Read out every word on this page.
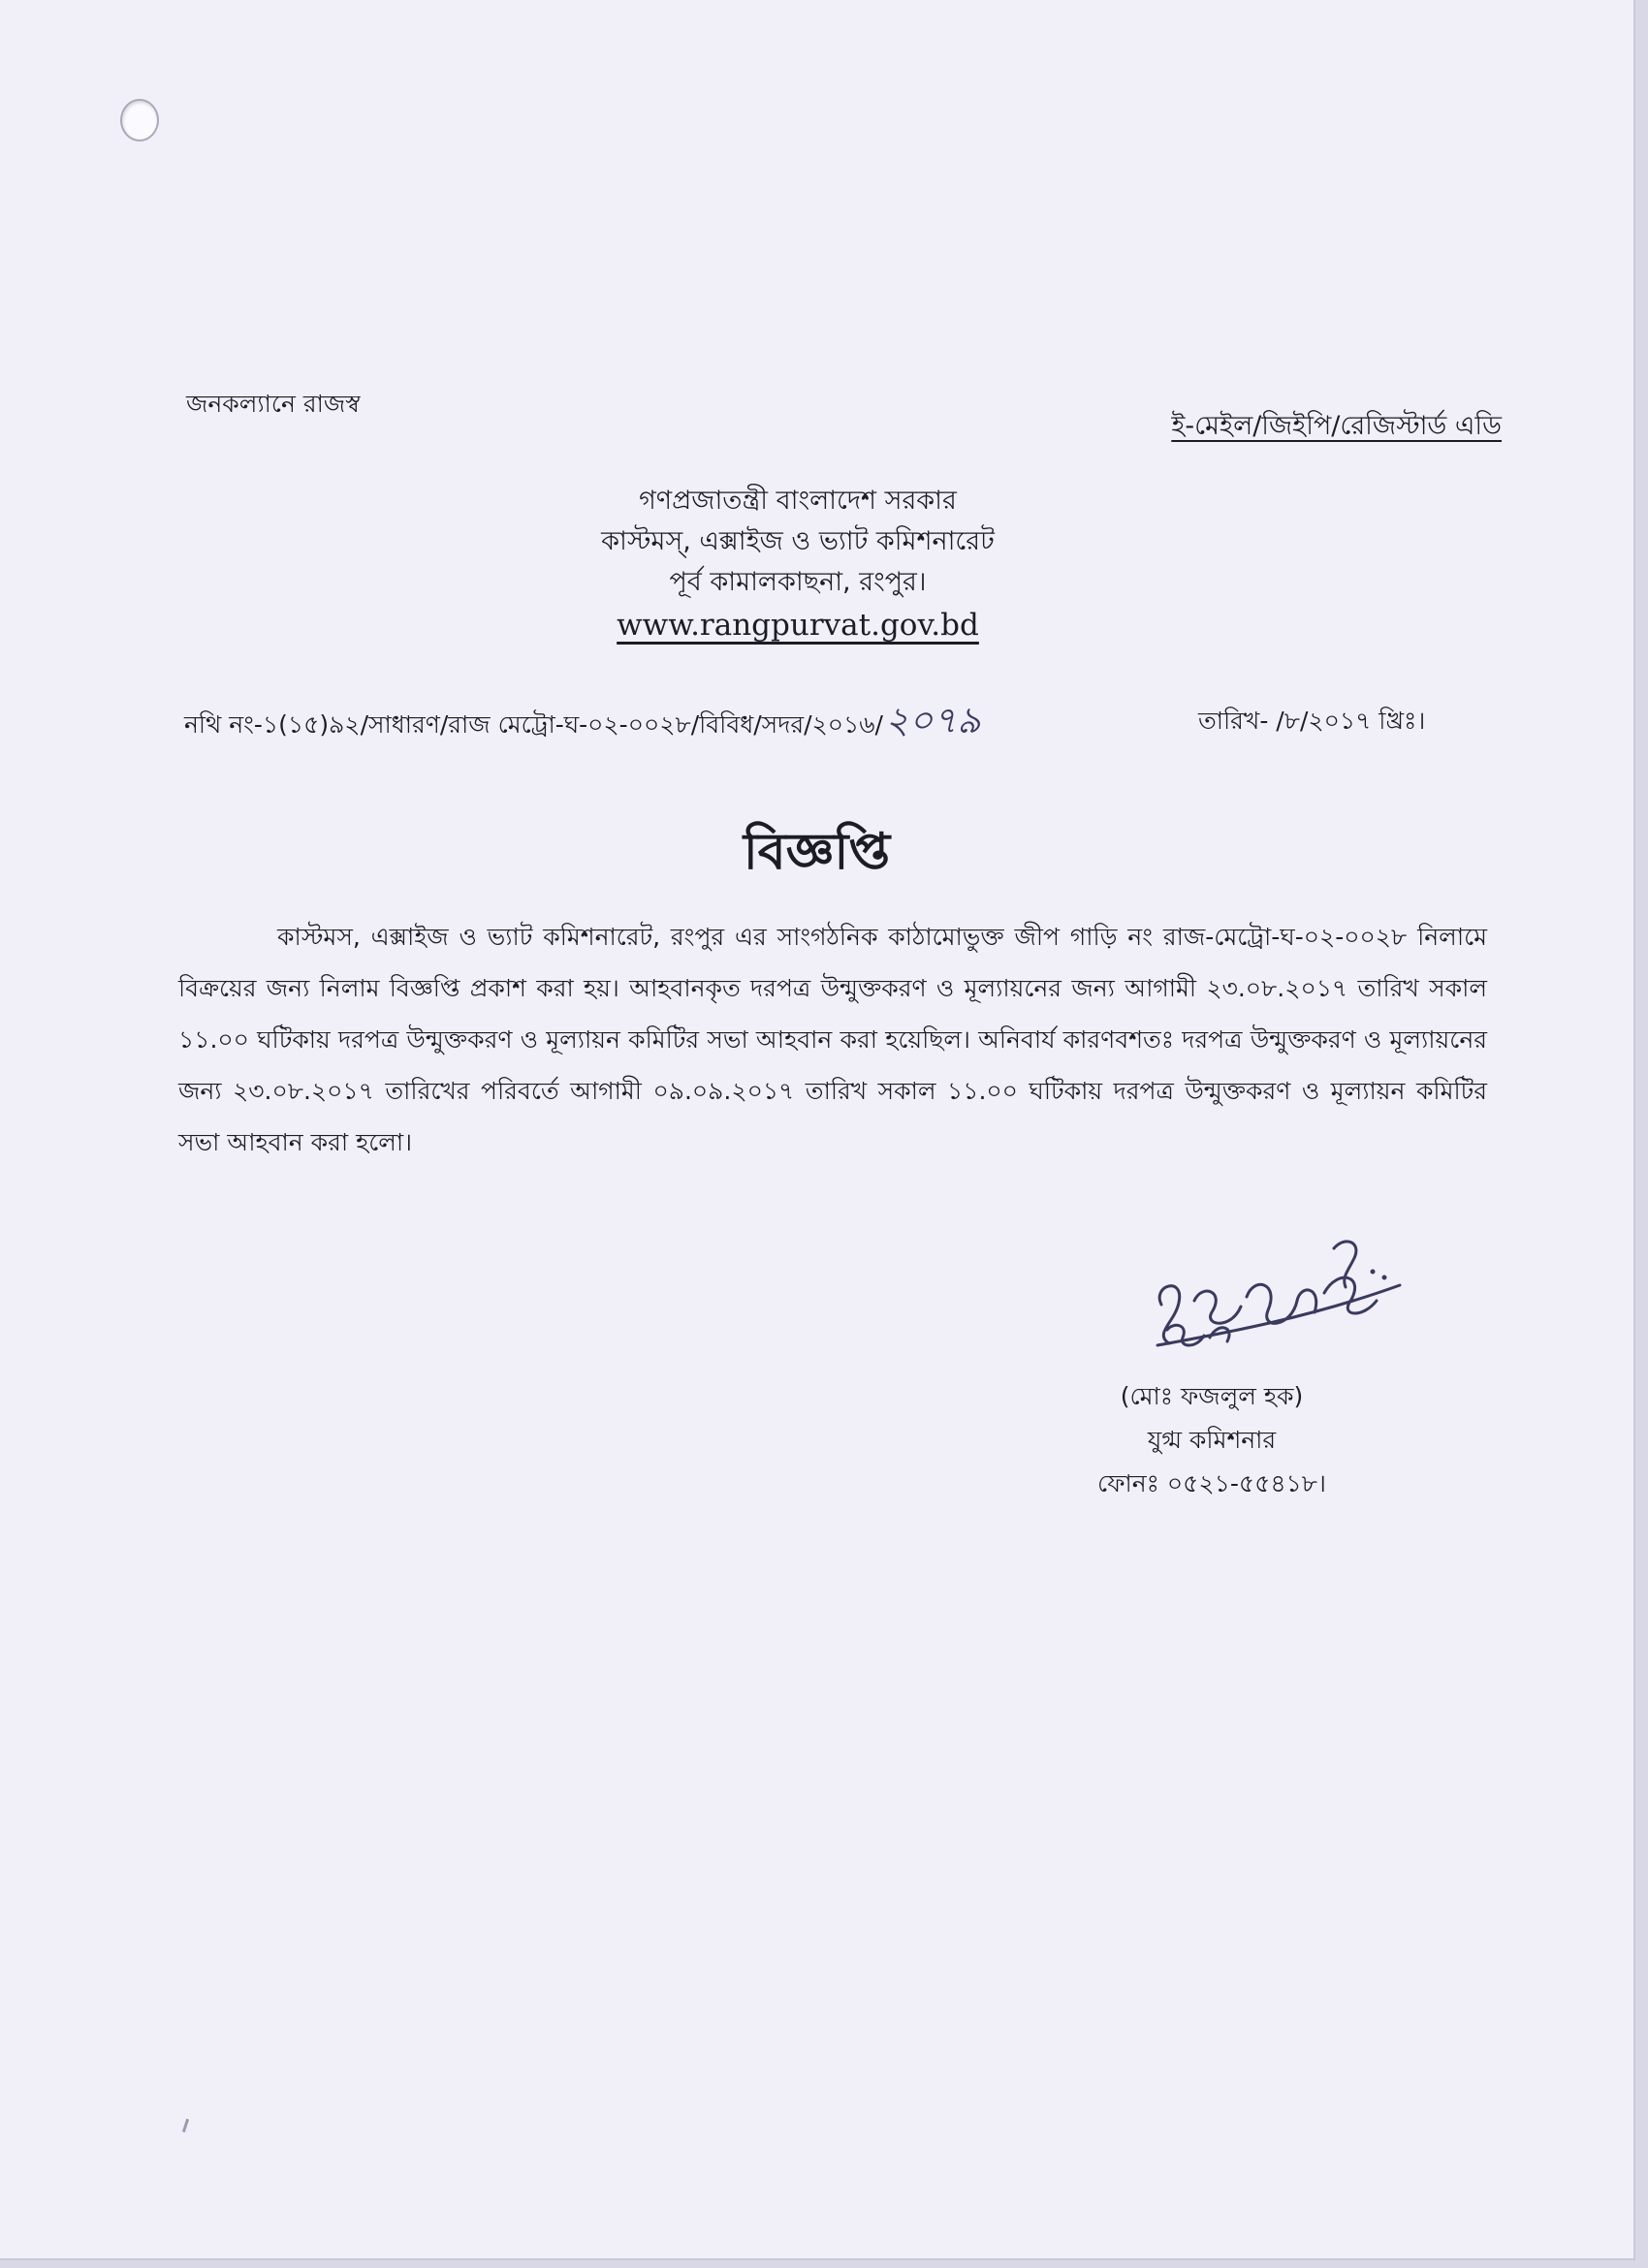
জনকল্যানে রাজস্ব
ই-মেইল/জিইপি/রেজিস্টার্ড এডি
গণপ্রজাতন্ত্রী বাংলাদেশ সরকার
কাস্টমস্‌, এক্সাইজ ও ভ্যাট কমিশনারেট
পূর্ব কামালকাছনা, রংপুর।
www.rangpurvat.gov.bd
নথি নং-১(১৫)৯২/সাধারণ/রাজ মেট্রো-ঘ-০২-০০২৮/বিবিধ/সদর/২০১৬/২০৭৯	তারিখ- /৮/২০১৭ খ্রিঃ।
বিজ্ঞপ্তি
কাস্টমস, এক্সাইজ ও ভ্যাট কমিশনারেট, রংপুর এর সাংগঠনিক কাঠামোভুক্ত জীপ গাড়ি নং রাজ-মেট্রো-ঘ-০২-০০২৮ নিলামে বিক্রয়ের জন্য নিলাম বিজ্ঞপ্তি প্রকাশ করা হয়। আহবানকৃত দরপত্র উন্মুক্তকরণ ও মূল্যায়নের জন্য আগামী ২৩.০৮.২০১৭ তারিখ সকাল ১১.০০ ঘটিকায় দরপত্র উন্মুক্তকরণ ও মূল্যায়ন কমিটির সভা আহবান করা হয়েছিল। অনিবার্য কারণবশতঃ দরপত্র উন্মুক্তকরণ ও মূল্যায়নের জন্য ২৩.০৮.২০১৭ তারিখের পরিবর্তে আগামী ০৯.০৯.২০১৭ তারিখ সকাল ১১.০০ ঘটিকায় দরপত্র উন্মুক্তকরণ ও মূল্যায়ন কমিটির সভা আহবান করা হলো।
(মোঃ ফজলুল হক)
যুগ্ম কমিশনার
ফোনঃ ০৫২১-৫৫৪১৮।
